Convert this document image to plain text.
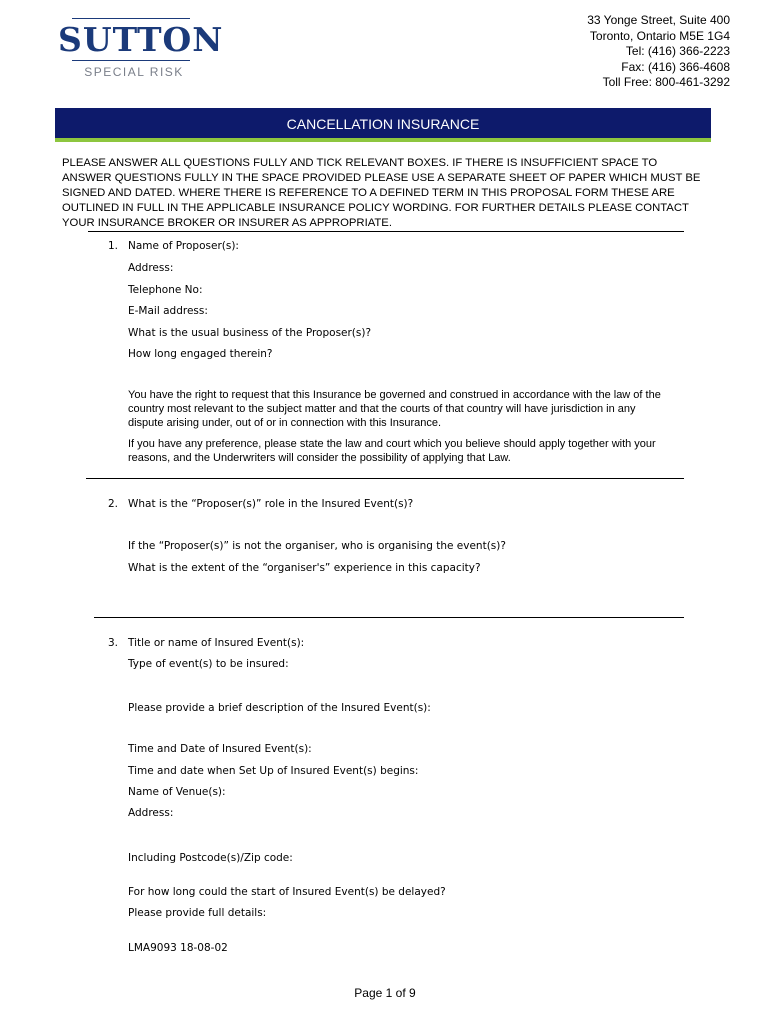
SUTTON
SPECIAL RISK
33 Yonge Street, Suite 400
Toronto, Ontario M5E 1G4
Tel: (416) 366-2223
Fax: (416) 366-4608
Toll Free: 800-461-3292
CANCELLATION INSURANCE
PLEASE ANSWER ALL QUESTIONS FULLY AND TICK RELEVANT BOXES. IF THERE IS INSUFFICIENT SPACE TO ANSWER QUESTIONS FULLY IN THE SPACE PROVIDED PLEASE USE A SEPARATE SHEET OF PAPER WHICH MUST BE SIGNED AND DATED. WHERE THERE IS REFERENCE TO A DEFINED TERM IN THIS PROPOSAL FORM THESE ARE OUTLINED IN FULL IN THE APPLICABLE INSURANCE POLICY WORDING. FOR FURTHER DETAILS PLEASE CONTACT YOUR INSURANCE BROKER OR INSURER AS APPROPRIATE.
1. Name of Proposer(s):
Address:
Telephone No:
E-Mail address:
What is the usual business of the Proposer(s)?
How long engaged therein?
You have the right to request that this Insurance be governed and construed in accordance with the law of the country most relevant to the subject matter and that the courts of that country will have jurisdiction in any dispute arising under, out of or in connection with this Insurance.
If you have any preference, please state the law and court which you believe should apply together with your reasons, and the Underwriters will consider the possibility of applying that Law.
2. What is the “Proposer(s)” role in the Insured Event(s)?
If the “Proposer(s)” is not the organiser, who is organising the event(s)?
What is the extent of the “organiser's” experience in this capacity?
3. Title or name of Insured Event(s):
Type of event(s) to be insured:
Please provide a brief description of the Insured Event(s):
Time and Date of Insured Event(s):
Time and date when Set Up of Insured Event(s) begins:
Name of Venue(s):
Address:
Including Postcode(s)/Zip code:
For how long could the start of Insured Event(s) be delayed?
Please provide full details:
LMA9093 18-08-02
Page 1 of 9
